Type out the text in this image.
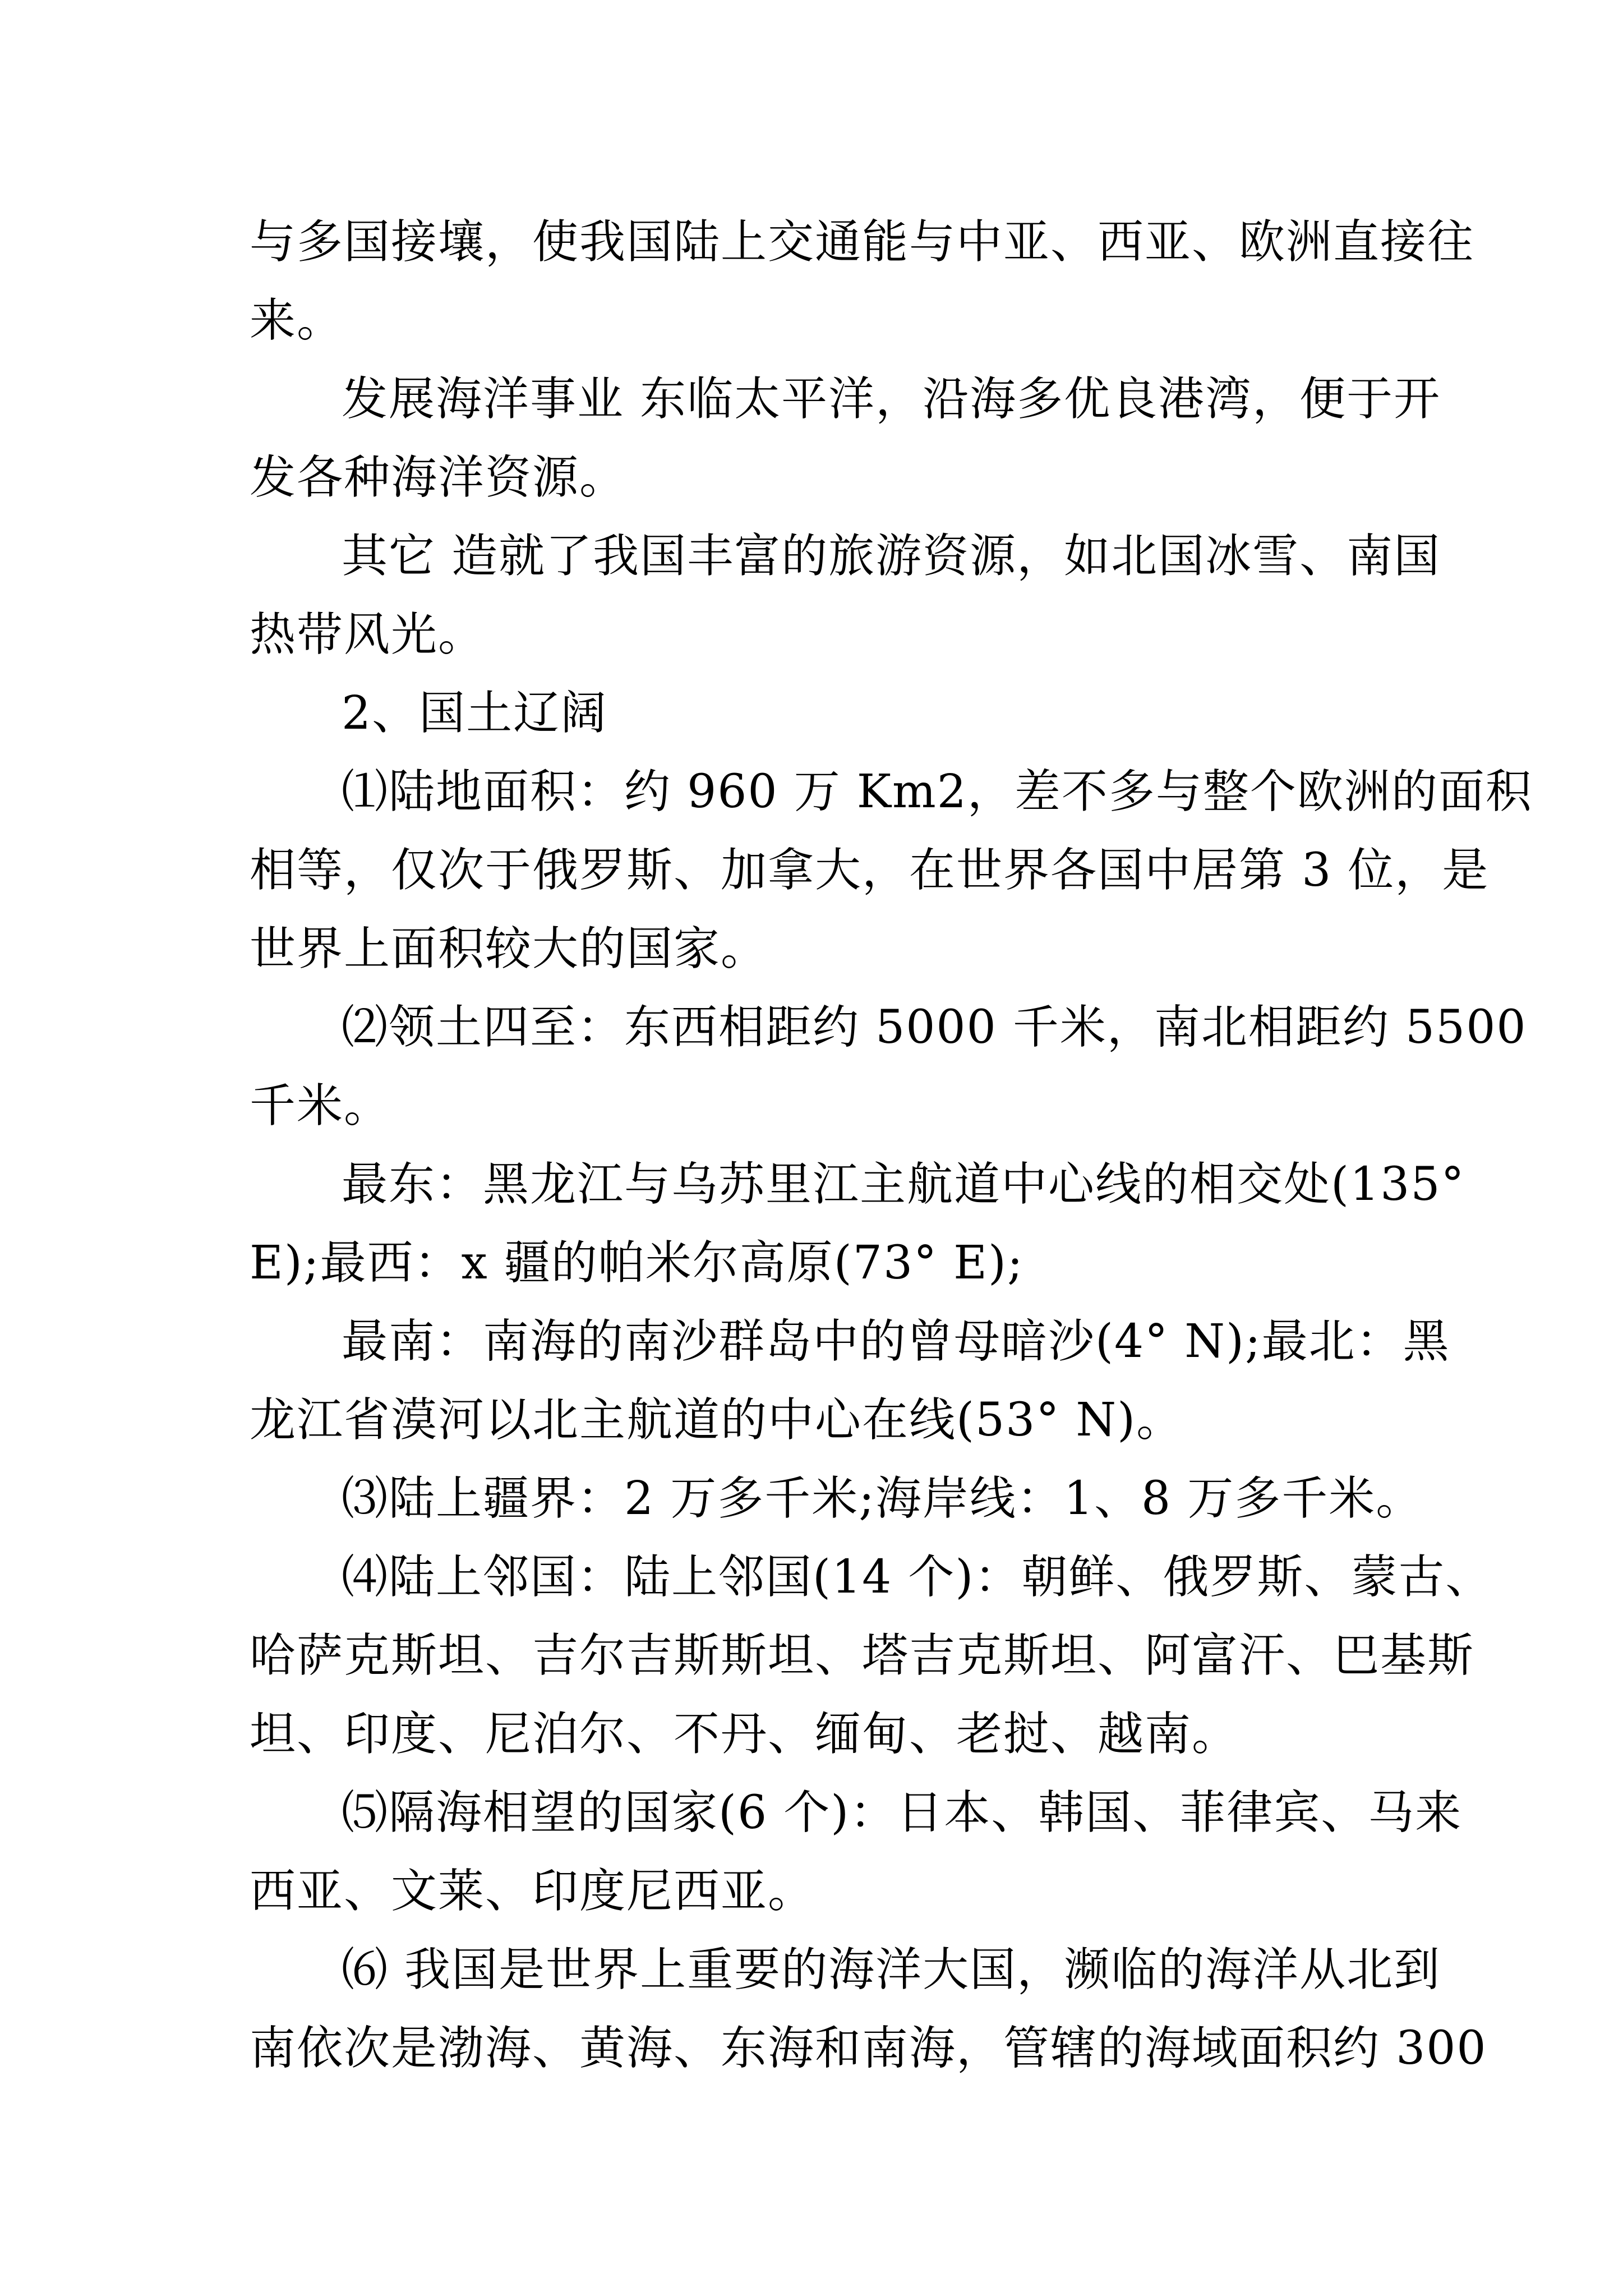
与多国接壤，使我国陆上交通能与中亚、西亚、欧洲直接往
来。
发展海洋事业 东临太平洋，沿海多优良港湾，便于开
发各种海洋资源。
其它 造就了我国丰富的旅游资源，如北国冰雪、南国
热带风光。
2、国土辽阔
⑴陆地面积：约 960 万 Km2，差不多与整个欧洲的面积
相等，仅次于俄罗斯、加拿大，在世界各国中居第 3 位，是
世界上面积较大的国家。
⑵领土四至：东西相距约 5000 千米，南北相距约 5500
千米。
最东：黑龙江与乌苏里江主航道中心线的相交处(135°
E);最西：x 疆的帕米尔高原(73° E);
最南：南海的南沙群岛中的曾母暗沙(4° N);最北：黑
龙江省漠河以北主航道的中心在线(53° N)。
⑶陆上疆界：2 万多千米;海岸线：1、8 万多千米。
⑷陆上邻国：陆上邻国(14 个)：朝鲜、俄罗斯、蒙古、
哈萨克斯坦、吉尔吉斯斯坦、塔吉克斯坦、阿富汗、巴基斯
坦、印度、尼泊尔、不丹、缅甸、老挝、越南。
⑸隔海相望的国家(6 个)：日本、韩国、菲律宾、马来
西亚、文莱、印度尼西亚。
⑹ 我国是世界上重要的海洋大国，濒临的海洋从北到
南依次是渤海、黄海、东海和南海，管辖的海域面积约 300
